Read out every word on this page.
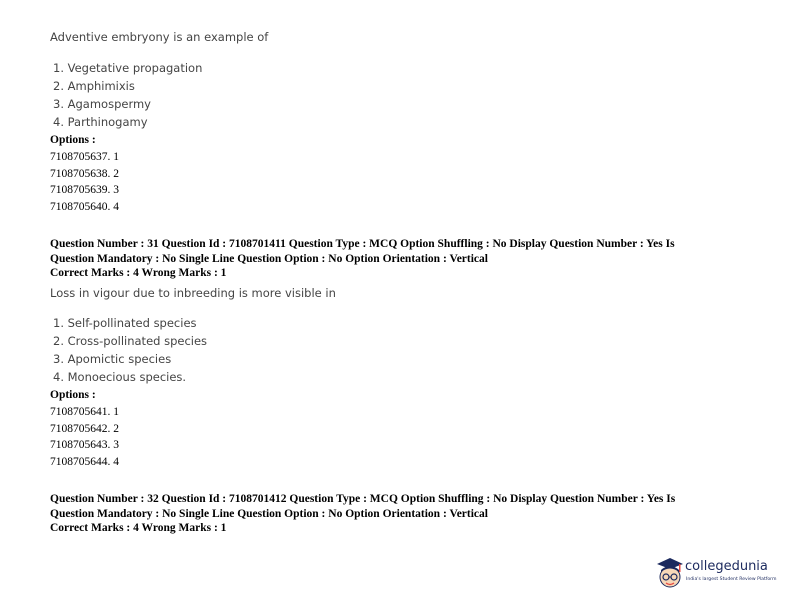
Adventive embryony is an example of
1. Vegetative propagation
2. Amphimixis
3. Agamospermy
4. Parthinogamy
Options :
7108705637. 1
7108705638. 2
7108705639. 3
7108705640. 4
Question Number : 31 Question Id : 7108701411 Question Type : MCQ Option Shuffling : No Display Question Number : Yes Is
Question Mandatory : No Single Line Question Option : No Option Orientation : Vertical
Correct Marks : 4 Wrong Marks : 1
Loss in vigour due to inbreeding is more visible in
1. Self-pollinated species
2. Cross-pollinated species
3. Apomictic species
4. Monoecious species.
Options :
7108705641. 1
7108705642. 2
7108705643. 3
7108705644. 4
Question Number : 32 Question Id : 7108701412 Question Type : MCQ Option Shuffling : No Display Question Number : Yes Is
Question Mandatory : No Single Line Question Option : No Option Orientation : Vertical
Correct Marks : 4 Wrong Marks : 1
collegedunia
India's largest Student Review Platform
